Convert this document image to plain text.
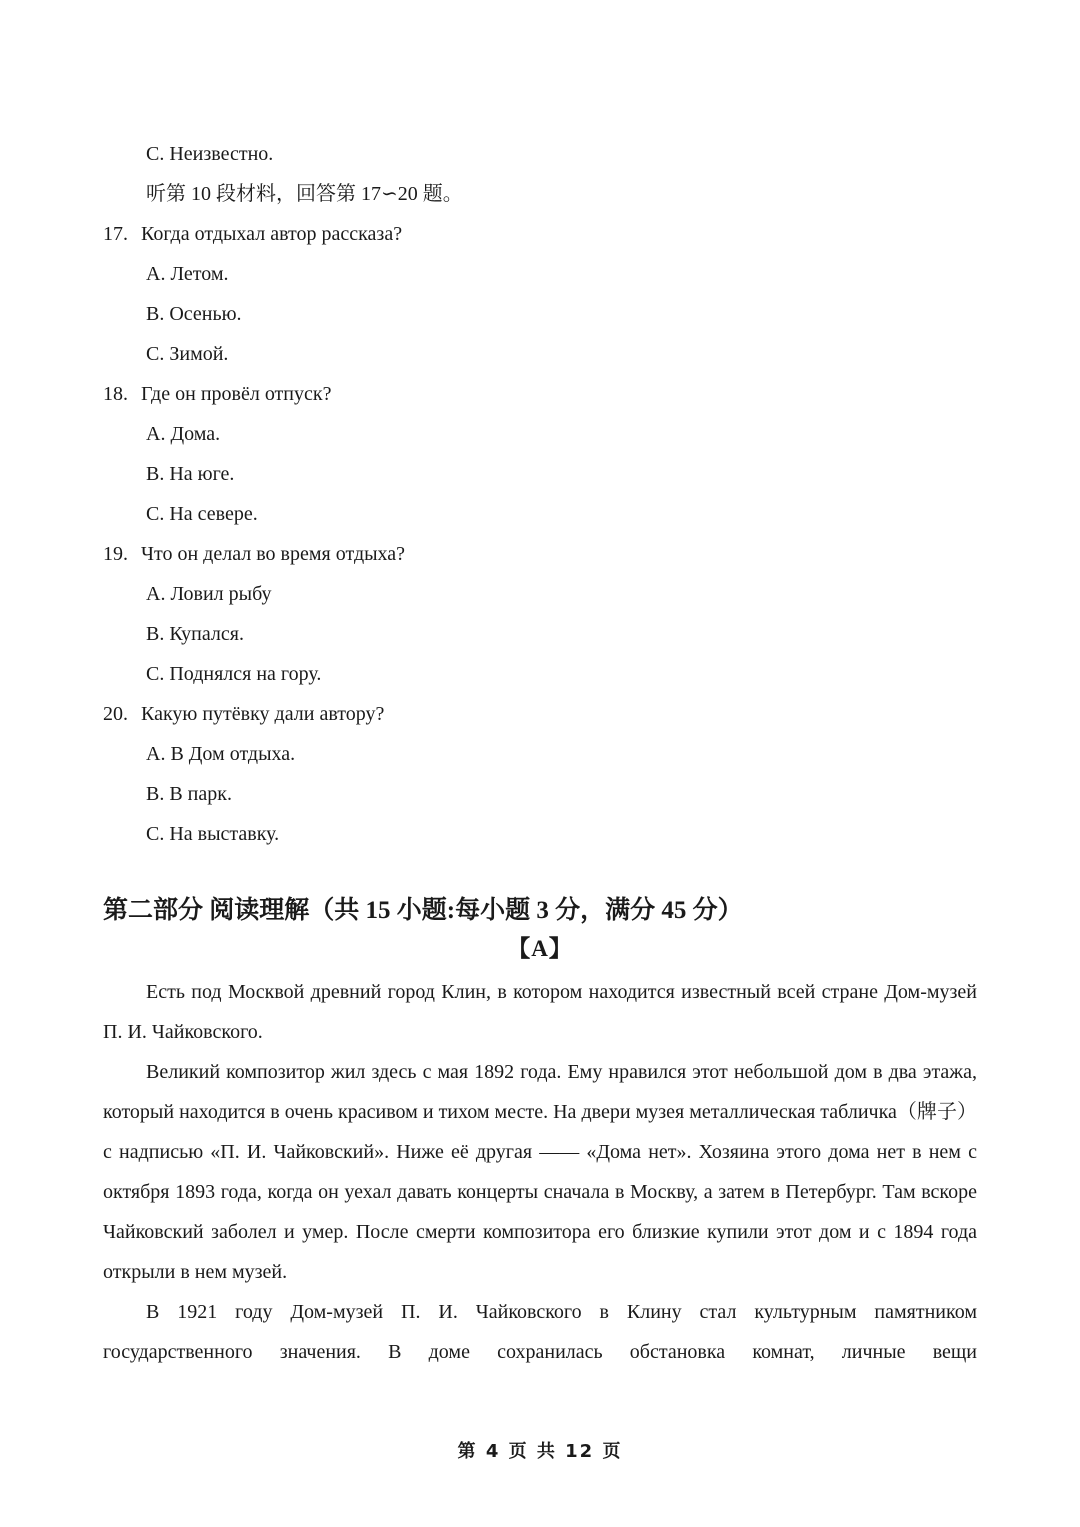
C. Неизвестно.
听第 10 段材料，回答第 17∽20 题。
17. Когда отдыхал автор рассказа?
A. Летом.
B. Осенью.
C. Зимой.
18. Где он провёл отпуск?
A. Дома.
B. На юге.
C. На севере.
19. Что он делал во время отдыха?
A. Ловил рыбу
B. Купался.
C. Поднялся на гору.
20. Какую путёвку дали автору?
A. В Дом отдыха.
B. В парк.
C. На выставку.
第二部分 阅读理解（共 15 小题:每小题 3 分，满分 45 分）
【A】

Есть под Москвой древний город Клин, в котором находится известный всей стране Дом-музей П. И. Чайковского.

Великий композитор жил здесь с мая 1892 года. Ему нравился этот небольшой дом в два этажа, который находится в очень красивом и тихом месте. На двери музея металлическая табличка（牌子） с надписью «П. И. Чайковский». Ниже её другая —— «Дома нет». Хозяина этого дома нет в нем с октября 1893 года, когда он уехал давать концерты сначала в Москву, а затем в Петербург. Там вскоре Чайковский заболел и умер. После смерти композитора его близкие купили этот дом и с 1894 года открыли в нем музей.

В 1921 году Дом-музей П. И. Чайковского в Клину стал культурным памятником государственного значения. В доме сохранилась обстановка комнат, личные вещи

第 4 页 共 12 页
